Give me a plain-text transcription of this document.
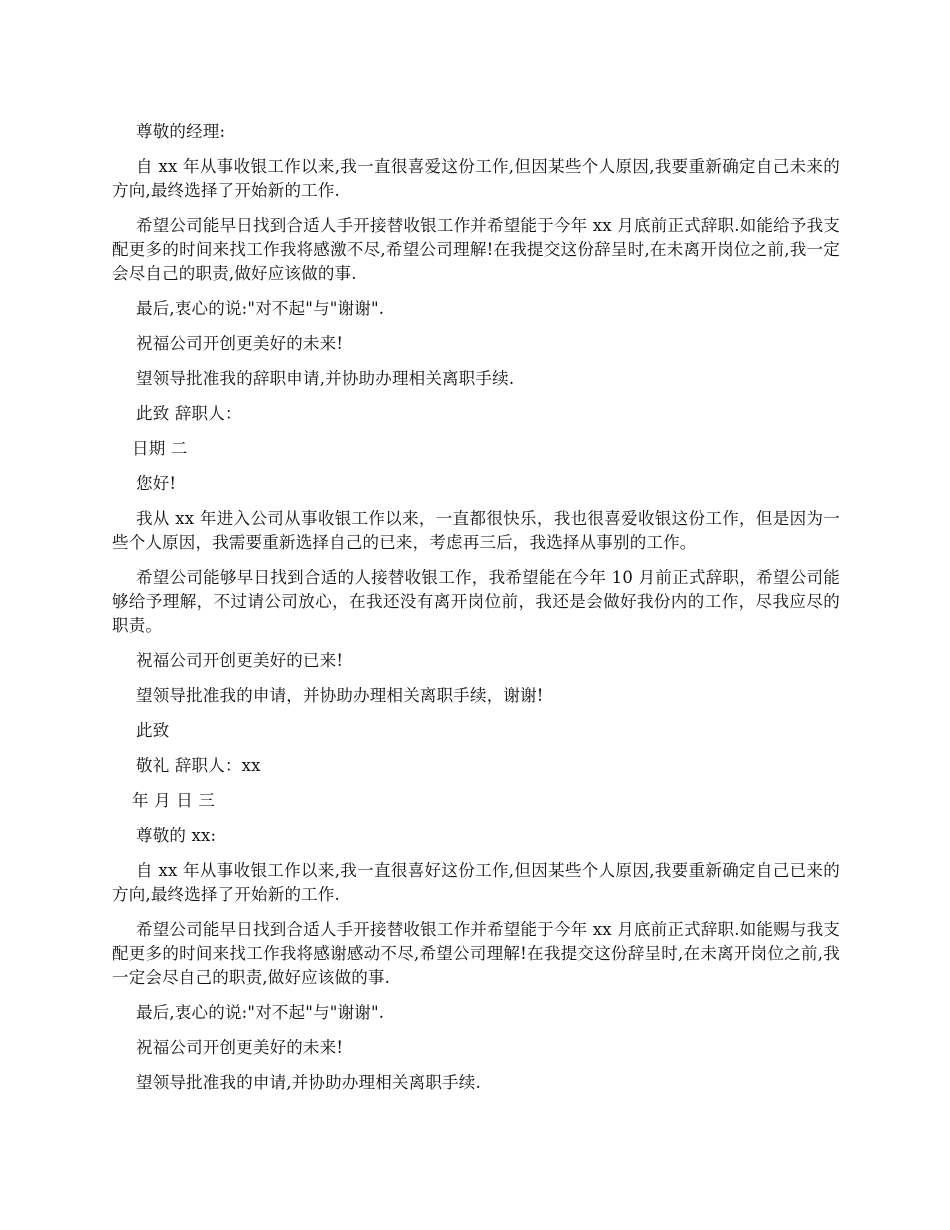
尊敬的经理:

自 xx 年从事收银工作以来,我一直很喜爱这份工作,但因某些个人原因,我要重新确定自己未来的方向,最终选择了开始新的工作.

希望公司能早日找到合适人手开接替收银工作并希望能于今年 xx 月底前正式辞职.如能给予我支配更多的时间来找工作我将感激不尽,希望公司理解!在我提交这份辞呈时,在未离开岗位之前,我一定会尽自己的职责,做好应该做的事.

最后,衷心的说:"对不起"与"谢谢".

祝福公司开创更美好的未来!

望领导批准我的辞职申请,并协助办理相关离职手续.

此致 辞职人：

日期 二

您好!

我从 xx 年进入公司从事收银工作以来，一直都很快乐，我也很喜爱收银这份工作，但是因为一些个人原因，我需要重新选择自己的已来，考虑再三后，我选择从事别的工作。

希望公司能够早日找到合适的人接替收银工作，我希望能在今年 10 月前正式辞职，希望公司能够给予理解，不过请公司放心，在我还没有离开岗位前，我还是会做好我份内的工作，尽我应尽的职责。

祝福公司开创更美好的已来!

望领导批准我的申请，并协助办理相关离职手续，谢谢!

此致

敬礼 辞职人：xx

年 月 日 三

尊敬的 xx:

自 xx 年从事收银工作以来,我一直很喜好这份工作,但因某些个人原因,我要重新确定自己已来的方向,最终选择了开始新的工作.

希望公司能早日找到合适人手开接替收银工作并希望能于今年 xx 月底前正式辞职.如能赐与我支配更多的时间来找工作我将感谢感动不尽,希望公司理解!在我提交这份辞呈时,在未离开岗位之前,我一定会尽自己的职责,做好应该做的事.

最后,衷心的说:"对不起"与"谢谢".

祝福公司开创更美好的未来!

望领导批准我的申请,并协助办理相关离职手续.
